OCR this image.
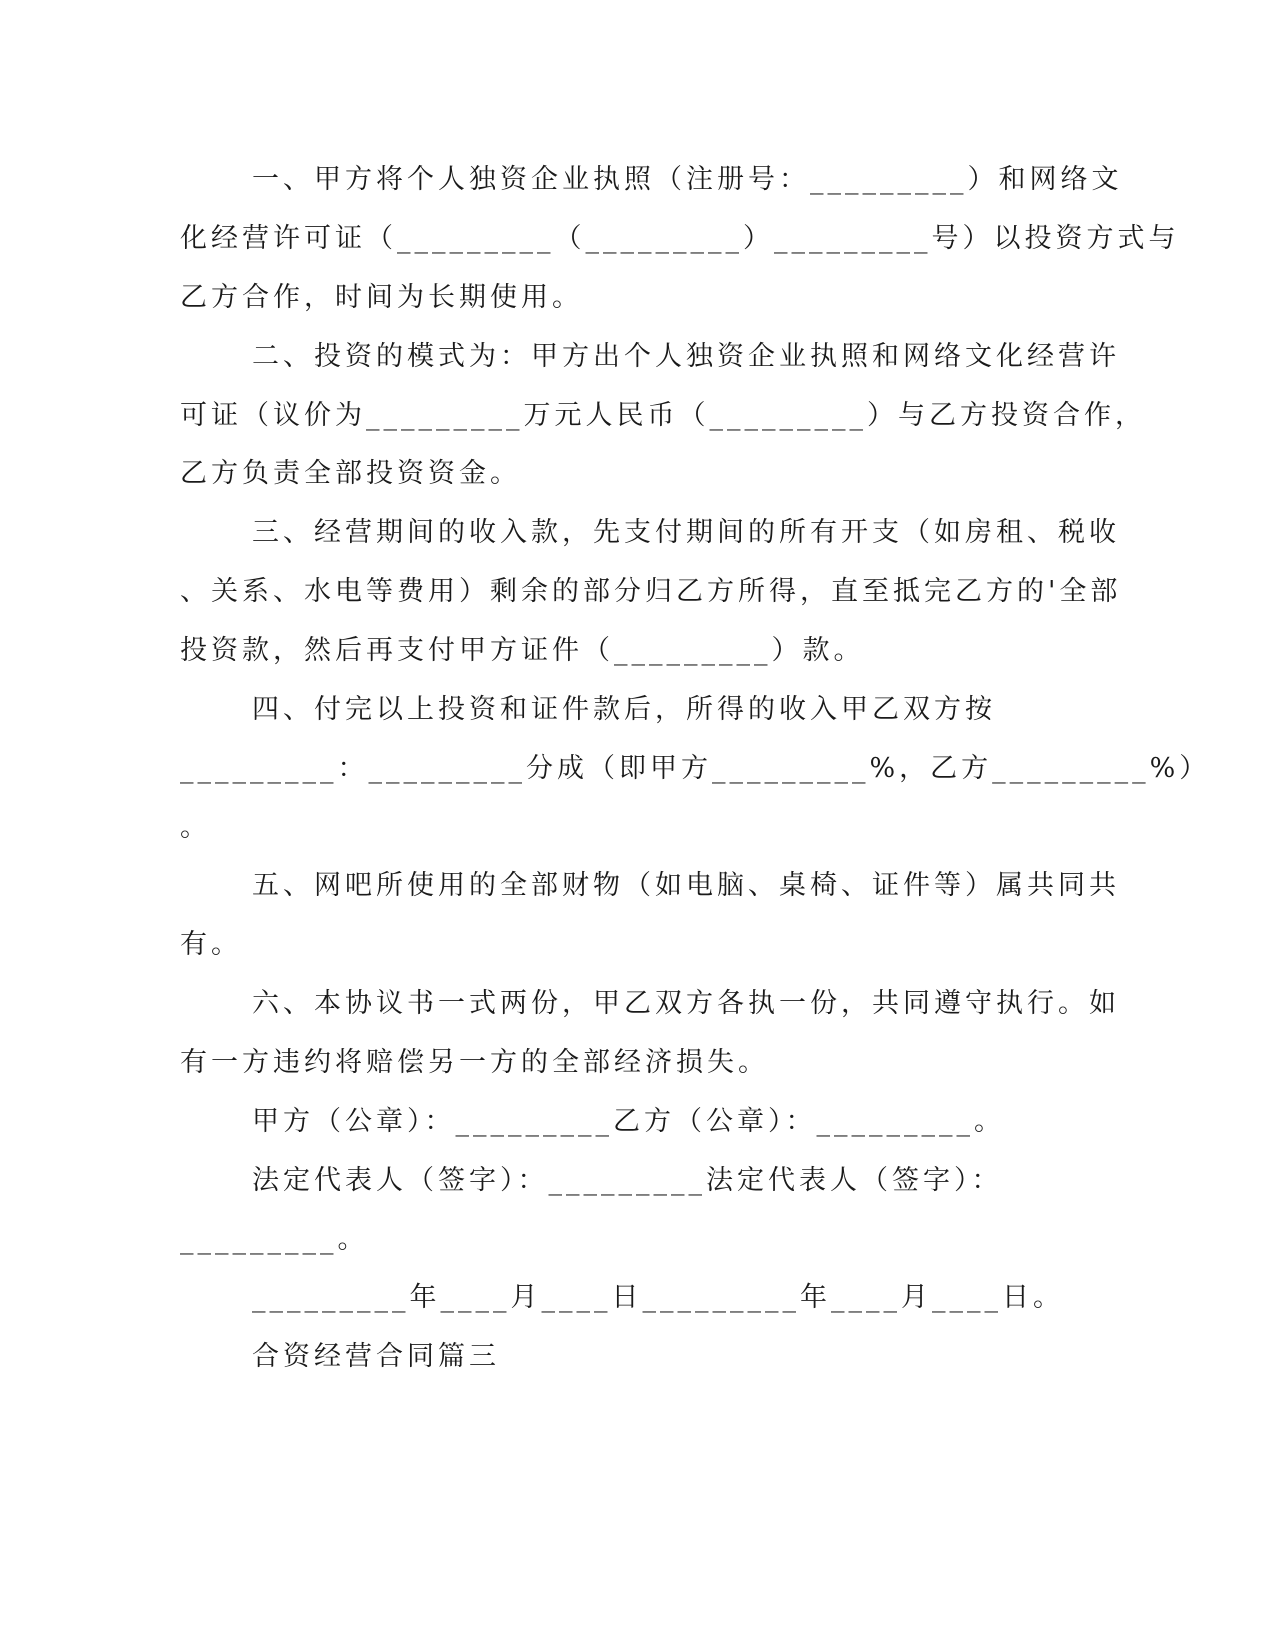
一、甲方将个人独资企业执照（注册号：_________）和网络文
化经营许可证（_________（_________）_________号）以投资方式与
乙方合作，时间为长期使用。
二、投资的模式为：甲方出个人独资企业执照和网络文化经营许
可证（议价为_________万元人民币（_________）与乙方投资合作，
乙方负责全部投资资金。
三、经营期间的收入款，先支付期间的所有开支（如房租、税收
、关系、水电等费用）剩余的部分归乙方所得，直至抵完乙方的'全部
投资款，然后再支付甲方证件（_________）款。
四、付完以上投资和证件款后，所得的收入甲乙双方按
_________：_________分成（即甲方_________%，乙方_________%）
。
五、网吧所使用的全部财物（如电脑、桌椅、证件等）属共同共
有。
六、本协议书一式两份，甲乙双方各执一份，共同遵守执行。如
有一方违约将赔偿另一方的全部经济损失。
甲方（公章）：_________乙方（公章）：_________。
法定代表人（签字）：_________法定代表人（签字）：
_________。
_________年____月____日_________年____月____日。
合资经营合同篇三
